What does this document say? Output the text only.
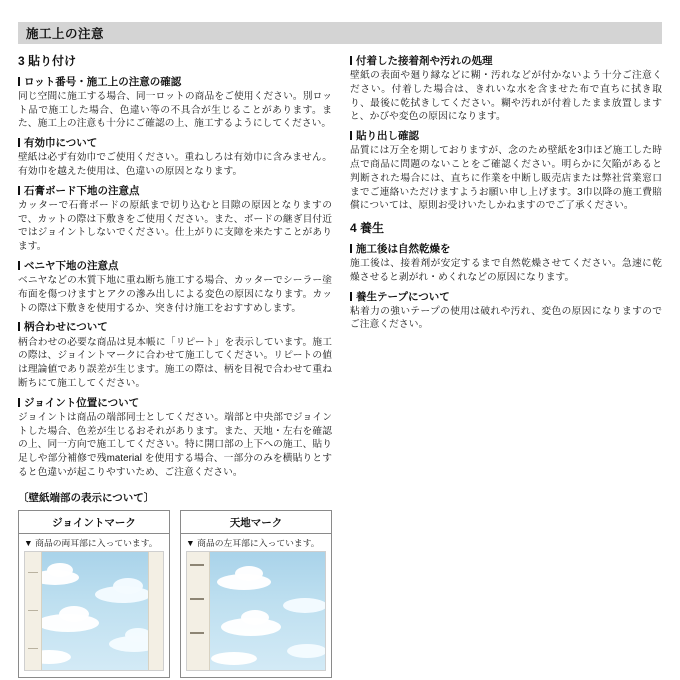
施工上の注意
3 貼り付け
ロット番号・施工上の注意の確認

同じ空間に施工する場合、同一ロットの商品をご使用ください。別ロット品で施工した場合、色違い等の不具合が生じることがあります。また、施工上の注意も十分にご確認の上、施工するようにしてください。

有効巾について

壁紙は必ず有効巾でご使用ください。重ねしろは有効巾に含みません。有効巾を越えた使用は、色違いの原因となります。

石膏ボード下地の注意点

カッターで石膏ボードの原紙まで切り込むと目隙の原因となりますので、カットの際は下敷きをご使用ください。また、ボードの継ぎ目付近ではジョイントしないでください。仕上がりに支障を来たすことがあります。

ベニヤ下地の注意点

ベニヤなどの木質下地に重ね断ち施工する場合、カッターでシーラー塗布面を傷つけますとアクの滲み出しによる変色の原因になります。カットの際は下敷きを使用するか、突き付け施工をおすすめします。

柄合わせについて

柄合わせの必要な商品は見本帳に「リピート」を表示しています。施工の際は、ジョイントマークに合わせて施工してください。リピートの値は理論値であり誤差が生じます。施工の際は、柄を目視で合わせて重ね断ちにて施工してください。

ジョイント位置について

ジョイントは商品の端部同士としてください。端部と中央部でジョイントした場合、色差が生じるおそれがあります。また、天地・左右を確認の上、同一方向で施工してください。特に開口部の上下への施工、貼り足しや部分補修で残material を使用する場合、一部分のみを横貼りとすると色違いが起こりやすいため、ご注意ください。

〔壁紙端部の表示について〕
ジョイントマーク
▼ 商品の両耳部に入っています。
天地マーク
▼ 商品の左耳部に入っています。
付着した接着剤や汚れの処理

壁紙の表面や廻り縁などに糊・汚れなどが付かないよう十分ご注意ください。付着した場合は、きれいな水を含ませた布で直ちに拭き取り、最後に乾拭きしてください。糊や汚れが付着したまま放置しますと、かびや変色の原因になります。

貼り出し確認

品質には万全を期しておりますが、念のため壁紙を3巾ほど施工した時点で商品に問題のないことをご確認ください。明らかに欠陥があると判断された場合には、直ちに作業を中断し販売店または弊社営業窓口までご連絡いただけますようお願い申し上げます。3巾以降の施工費賠償については、原則お受けいたしかねますのでご了承ください。

4 養生
施工後は自然乾燥を

施工後は、接着剤が安定するまで自然乾燥させてください。急速に乾燥させると剥がれ・めくれなどの原因になります。

養生テープについて

粘着力の強いテープの使用は破れや汚れ、変色の原因になりますのでご注意ください。
